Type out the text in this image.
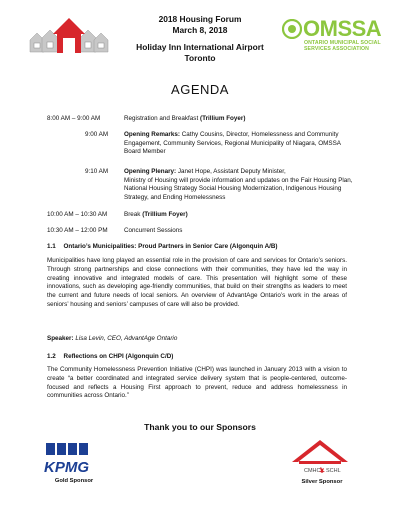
2018 Housing Forum
March 8, 2018
Holiday Inn International Airport
Toronto
OMSSA
ONTARIO MUNICIPAL SOCIAL
SERVICES ASSOCIATION
AGENDA
8:00 AM – 9:00 AM	Registration and Breakfast (Trillium Foyer)
9:00 AM	Opening Remarks: Cathy Cousins, Director, Homelessness and Community Engagement, Community Services, Regional Municipality of Niagara, OMSSA Board Member
9:10 AM	Opening Plenary: Janet Hope, Assistant Deputy Minister,
Ministry of Housing will provide information and updates on the Fair Housing Plan, National Housing Strategy Social Housing Modernization, Indigenous Housing Strategy, and Ending Homelessness
10:00 AM – 10:30 AM	Break (Trillium Foyer)
10:30 AM – 12:00 PM	Concurrent Sessions
1.1 Ontario’s Municipalities: Proud Partners in Senior Care (Algonquin A/B)
Municipalities have long played an essential role in the provision of care and services for Ontario’s seniors. Through strong partnerships and close connections with their communities, they have led the way in creating innovative and integrated models of care. This presentation will highlight some of these innovations, such as developing age-friendly communities, that build on their strengths as leaders to meet the current and future needs of local seniors. An overview of AdvantAge Ontario’s work in the areas of seniors’ housing and seniors’ campuses of care will also be provided.
Speaker: Lisa Levin, CEO, AdvantAge Ontario
1.2 Reflections on CHPI (Algonquin C/D)
The Community Homelessness Prevention Initiative (CHPI) was launched in January 2013 with a vision to create “a better coordinated and integrated service delivery system that is people-centered, outcome-focused and reflects a Housing First approach to prevent, reduce and address homelessness in communities across Ontario.”
Thank you to our Sponsors
KPMG
Gold Sponsor
CMHC SCHL
Silver Sponsor
